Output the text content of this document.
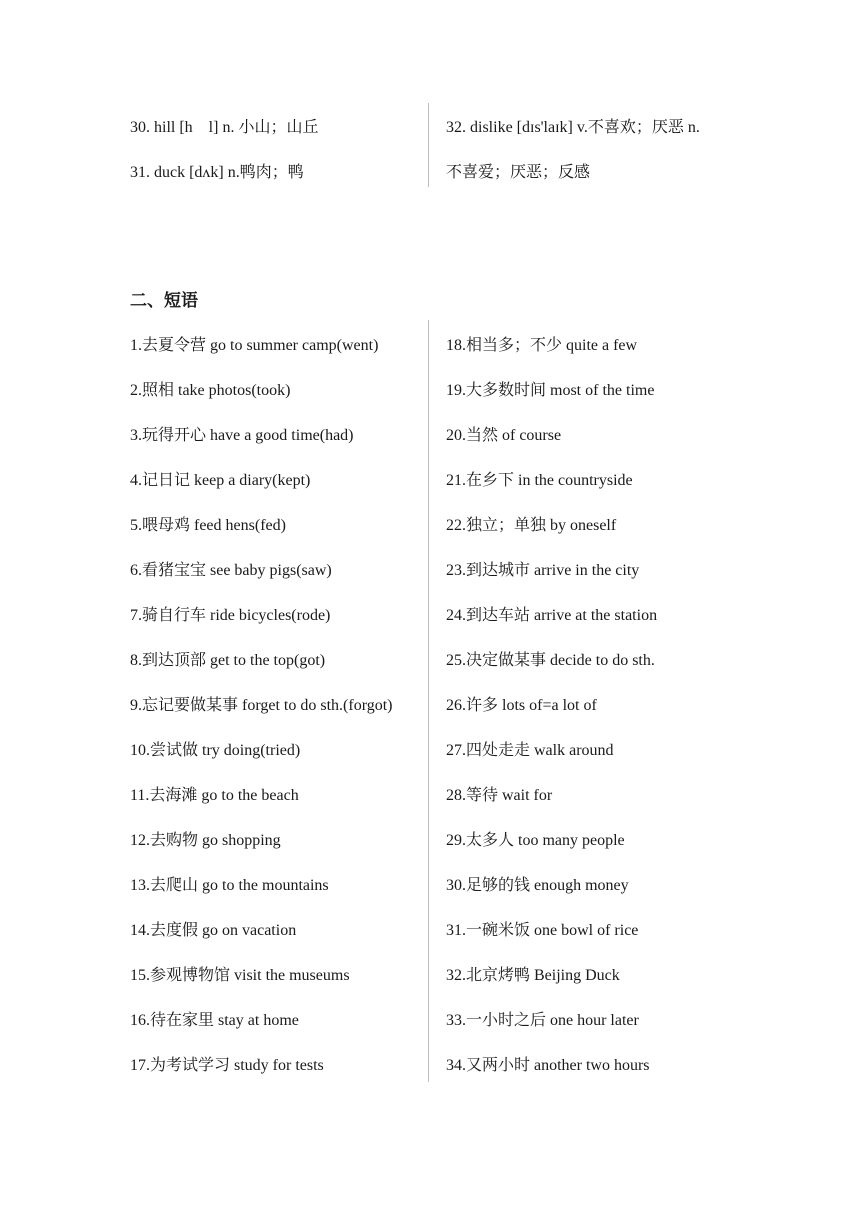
30. hill [h    l] n. 小山；山丘
31. duck [dʌk] n.鸭肉；鸭
32. dislike [dɪs'laɪk] v.不喜欢；厌恶 n.
不喜爱；厌恶；反感
二、短语
1.去夏令营 go to summer camp(went)
2.照相 take photos(took)
3.玩得开心 have a good time(had)
4.记日记 keep a diary(kept)
5.喂母鸡 feed hens(fed)
6.看猪宝宝 see baby pigs(saw)
7.骑自行车 ride bicycles(rode)
8.到达顶部 get to the top(got)
9.忘记要做某事 forget to do sth.(forgot)
10.尝试做 try doing(tried)
11.去海滩 go to the beach
12.去购物 go shopping
13.去爬山 go to the mountains
14.去度假 go on vacation
15.参观博物馆 visit the museums
16.待在家里 stay at home
17.为考试学习 study for tests
18.相当多；不少 quite a few
19.大多数时间 most of the time
20.当然 of course
21.在乡下 in the countryside
22.独立；单独 by oneself
23.到达城市 arrive in the city
24.到达车站 arrive at the station
25.决定做某事 decide to do sth.
26.许多 lots of=a lot of
27.四处走走 walk around
28.等待 wait for
29.太多人 too many people
30.足够的钱 enough money
31.一碗米饭 one bowl of rice
32.北京烤鸭 Beijing Duck
33.一小时之后 one hour later
34.又两小时 another two hours
